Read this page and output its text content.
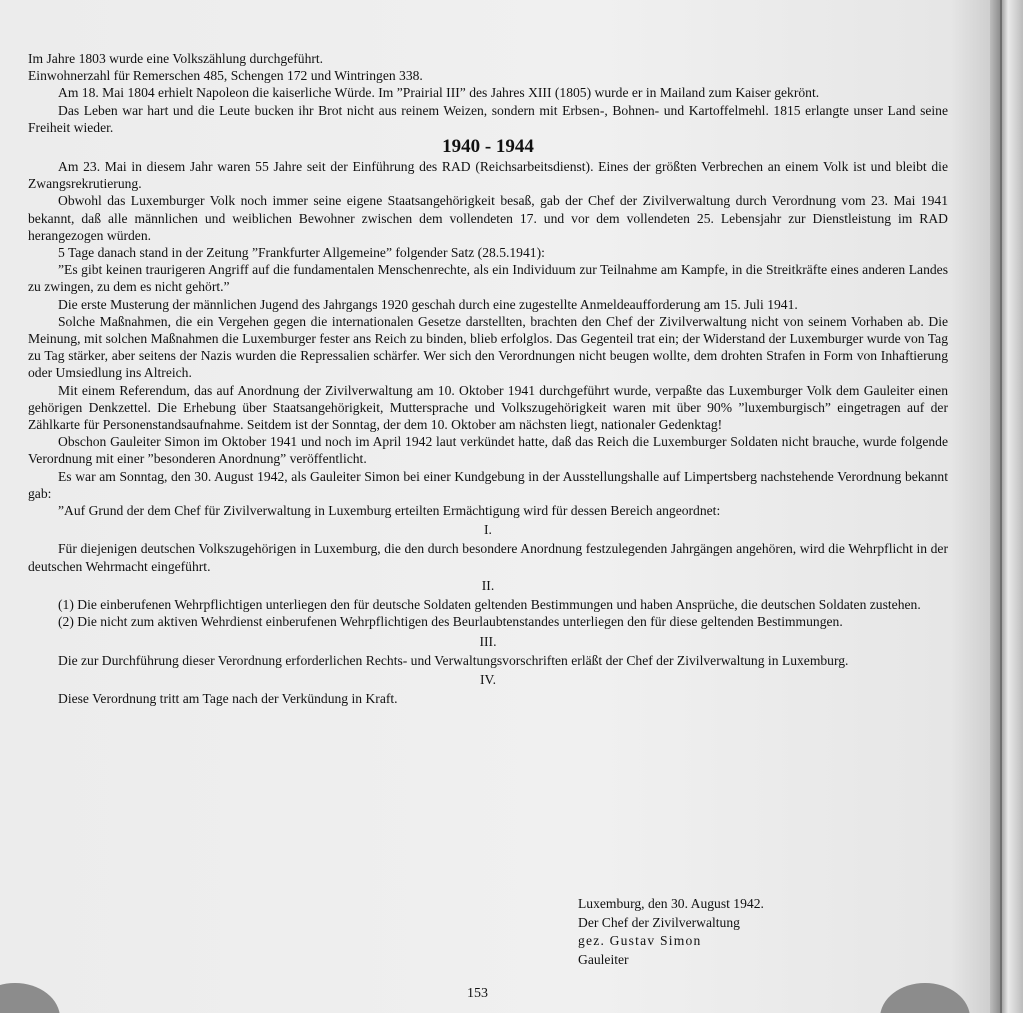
Im Jahre 1803 wurde eine Volkszählung durchgeführt.

Einwohnerzahl für Remerschen 485, Schengen 172 und Wintringen 338.

Am 18. Mai 1804 erhielt Napoleon die kaiserliche Würde. Im ”Prairial III” des Jahres XIII (1805) wurde er in Mailand zum Kaiser gekrönt.

Das Leben war hart und die Leute bucken ihr Brot nicht aus reinem Weizen, sondern mit Erbsen-, Bohnen- und Kartoffelmehl. 1815 erlangte unser Land seine Freiheit wieder.

1940 - 1944

Am 23. Mai in diesem Jahr waren 55 Jahre seit der Einführung des RAD (Reichsarbeitsdienst). Eines der größten Verbrechen an einem Volk ist und bleibt die Zwangsrekrutierung.

Obwohl das Luxemburger Volk noch immer seine eigene Staatsangehörigkeit besaß, gab der Chef der Zivilverwaltung durch Verordnung vom 23. Mai 1941 bekannt, daß alle männlichen und weiblichen Bewohner zwischen dem vollendeten 17. und vor dem vollendeten 25. Lebensjahr zur Dienstleistung im RAD herangezogen würden.

5 Tage danach stand in der Zeitung ”Frankfurter Allgemeine” folgender Satz (28.5.1941):

”Es gibt keinen traurigeren Angriff auf die fundamentalen Menschenrechte, als ein Individuum zur Teilnahme am Kampfe, in die Streitkräfte eines anderen Landes zu zwingen, zu dem es nicht gehört.”

Die erste Musterung der männlichen Jugend des Jahrgangs 1920 geschah durch eine zugestellte Anmeldeaufforderung am 15. Juli 1941.

Solche Maßnahmen, die ein Vergehen gegen die internationalen Gesetze darstellten, brachten den Chef der Zivilverwaltung nicht von seinem Vorhaben ab. Die Meinung, mit solchen Maßnahmen die Luxemburger fester ans Reich zu binden, blieb erfolglos. Das Gegenteil trat ein; der Widerstand der Luxemburger wurde von Tag zu Tag stärker, aber seitens der Nazis wurden die Repressalien schärfer. Wer sich den Verordnungen nicht beugen wollte, dem drohten Strafen in Form von Inhaftierung oder Umsiedlung ins Altreich.

Mit einem Referendum, das auf Anordnung der Zivilverwaltung am 10. Oktober 1941 durchgeführt wurde, verpaßte das Luxemburger Volk dem Gauleiter einen gehörigen Denkzettel. Die Erhebung über Staatsangehörigkeit, Muttersprache und Volkszugehörigkeit waren mit über 90% ”luxemburgisch” eingetragen auf der Zählkarte für Personenstandsaufnahme. Seitdem ist der Sonntag, der dem 10. Oktober am nächsten liegt, nationaler Gedenktag!

Obschon Gauleiter Simon im Oktober 1941 und noch im April 1942 laut verkündet hatte, daß das Reich die Luxemburger Soldaten nicht brauche, wurde folgende Verordnung mit einer ”besonderen Anordnung” veröffentlicht.

Es war am Sonntag, den 30. August 1942, als Gauleiter Simon bei einer Kundgebung in der Ausstellungshalle auf Limpertsberg nachstehende Verordnung bekannt gab:

”Auf Grund der dem Chef für Zivilverwaltung in Luxemburg erteilten Ermächtigung wird für dessen Bereich angeordnet:

I.

Für diejenigen deutschen Volkszugehörigen in Luxemburg, die den durch besondere Anordnung festzulegenden Jahrgängen angehören, wird die Wehrpflicht in der deutschen Wehrmacht eingeführt.

II.

(1) Die einberufenen Wehrpflichtigen unterliegen den für deutsche Soldaten geltenden Bestimmungen und haben Ansprüche, die deutschen Soldaten zustehen.

(2) Die nicht zum aktiven Wehrdienst einberufenen Wehrpflichtigen des Beurlaubtenstandes unterliegen den für diese geltenden Bestimmungen.

III.

Die zur Durchführung dieser Verordnung erforderlichen Rechts- und Verwaltungsvorschriften erläßt der Chef der Zivilverwaltung in Luxemburg.

IV.

Diese Verordnung tritt am Tage nach der Verkündung in Kraft.

Luxemburg, den 30. August 1942.
Der Chef der Zivilverwaltung
gez. Gustav Simon
Gauleiter
153
